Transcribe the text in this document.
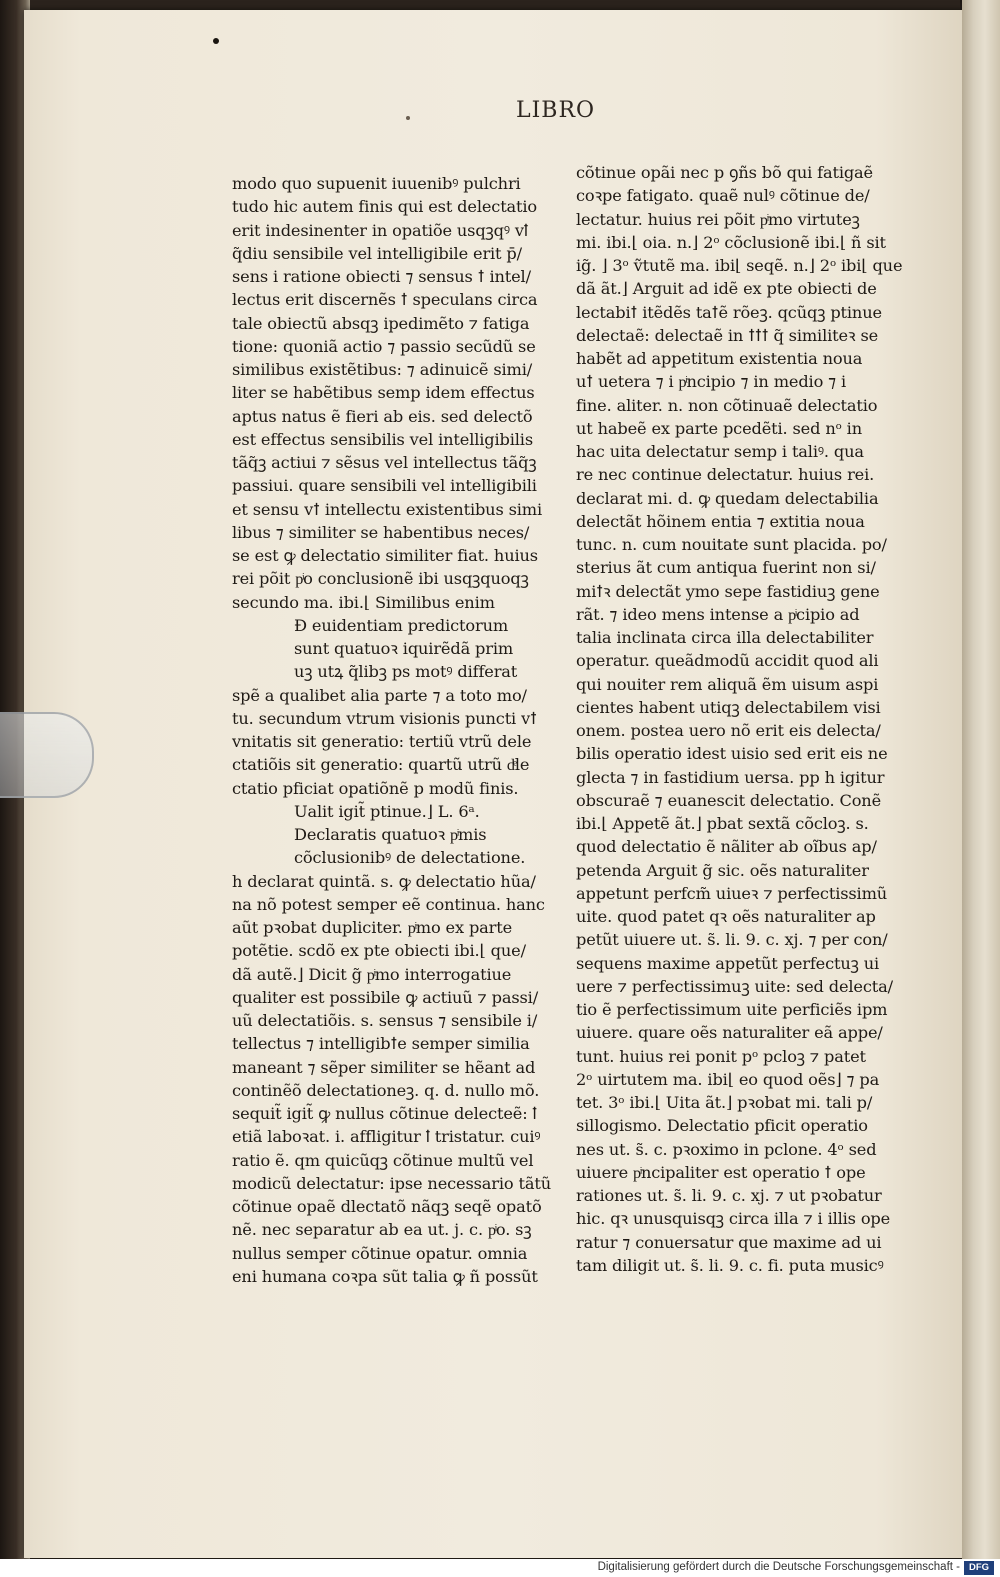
LIBRO
modo quo supuenit iuuenibꝰ pulchri
tudo hic autem finis qui est delectatio
erit indesinenter in opatiõe usqꝫqꝰ vꝉ
q̃diu sensibile vel intelligibile erit p̄/
sens i ratione obiecti ⁊ sensus ꝉ intel/
lectus erit discernẽs ꝉ speculans circa
tale obiectũ absqꝫ ipedimẽto ⁊ fatiga
tione: quoniã actio ⁊ passio secũdũ se
similibus existẽtibus: ⁊ adinuicẽ simi/
liter se habẽtibus semp idem effectus
aptus natus ẽ fieri ab eis. sed delectõ
est effectus sensibilis vel intelligibilis
tãq̃ꝫ actiui ⁊ sẽsus vel intellectus tãq̃ꝫ
passiui. quare sensibili vel intelligibili
et sensu vꝉ intellectu existentibus simi
libus ⁊ similiter se habentibus neces/
se est ꝙ delectatio similiter fiat. huius
rei põit pͥo conclusionẽ ibi usqꝫquoqꝫ
secundo ma. ibi.⌊ Similibus enim
Ð euidentiam predictorum
sunt quatuoꝛ iquirẽdã prim
uꝫ utꝝ q̃libꝫ ps motꝰ differat
spẽ a qualibet alia parte ⁊ a toto mo/
tu. secundum vtrum visionis puncti vꝉ
vnitatis sit generatio: tertiũ vtrũ dele
ctatiõis sit generatio: quartũ utrũ dͤle
ctatio pficiat opatiõnẽ p modũ finis.
Ualit igit̃ ptinue.⌋ L. 6ᵃ.
Declaratis quatuoꝛ pͥmis
cõclusionibꝰ de delectatione.
h declarat quintã. s. ꝙ delectatio hũa/
na nõ potest semper eẽ continua. hanc
aũt pꝛobat dupliciter. pͥmo ex parte
potẽtie. scdõ ex pte obiecti ibi.⌊ que/
dã autẽ.⌋ Dicit g̃ pͥmo interrogatiue
qualiter est possibile ꝙ actiuũ ⁊ passi/
uũ delectatiõis. s. sensus ⁊ sensibile i/
tellectus ⁊ intelligibꝉe semper similia
maneant ⁊ sẽper similiter se hẽant ad
continẽõ delectationeꝫ. q. d. nullo mõ.
sequit̃ igit̃ ꝙ nullus cõtinue delecteẽ: ꝉ
etiã laboꝛat. i. affligitur ꝉ tristatur. cuiꝰ
ratio ẽ. qm quicũqꝫ cõtinue multũ vel
modicũ delectatur: ipse necessario tãtũ
cõtinue opaẽ dlectatõ nãqꝫ seqẽ opatõ
nẽ. nec separatur ab ea ut. j. c. pͥo. sꝫ
nullus semper cõtinue opatur. omnia
eni humana coꝛpa sũt talia ꝙ ñ possũt
cõtinue opãi nec p ꝯñs bõ qui fatigaẽ
coꝛpe fatigato. quaẽ nulꝰ cõtinue de/
lectatur. huius rei põit pͥmo virtuteꝫ
mi. ibi.⌊ oia. n.⌋ 2ᵒ cõclusionẽ ibi.⌊ ñ sit
ig̃. ⌋ 3ᵒ ṽtutẽ ma. ibi⌊ seqẽ. n.⌋ 2ᵒ ibi⌊ que
dã ãt.⌋ Arguit ad idẽ ex pte obiecti de
lectabiꝉ itẽdẽs taꝉẽ rõeꝫ. qcũqꝫ ptinue
delectaẽ: delectaẽ in ꝉꝉꝉ q̃ similiteꝛ se
habẽt ad appetitum existentia noua
uꝉ uetera ⁊ i pͥncipio ⁊ in medio ⁊ i
fine. aliter. n. non cõtinuaẽ delectatio
ut habeẽ ex parte pcedẽti. sed nᵒ in
hac uita delectatur semp i taliꝰ. qua
re nec continue delectatur. huius rei.
declarat mi. d. ꝙ quedam delectabilia
delectãt hõinem entia ⁊ extitia noua
tunc. n. cum nouitate sunt placida. po/
sterius ãt cum antiqua fuerint non si/
miꝉꝛ delectãt ymo sepe fastidiuꝫ gene
rãt. ⁊ ideo mens intense a pͥcipio ad
talia inclinata circa illa delectabiliter
operatur. queãdmodũ accidit quod ali
qui nouiter rem aliquã ẽm uisum aspi
cientes habent utiqꝫ delectabilem visi
onem. postea uero nõ erit eis delecta/
bilis operatio idest uisio sed erit eis ne
glecta ⁊ in fastidium uersa. pp h igitur
obscuraẽ ⁊ euanescit delectatio. Conẽ
ibi.⌊ Appetẽ ãt.⌋ pbat sextã cõcloꝫ. s.
quod delectatio ẽ nãliter ab oĩbus ap/
petenda Arguit g̃ sic. oẽs naturaliter
appetunt perfcm̃ uiueꝛ ⁊ perfectissimũ
uite. quod patet qꝛ oẽs naturaliter ap
petũt uiuere ut. s̃. li. 9. c. xj. ⁊ per con/
sequens maxime appetũt perfectuꝫ ui
uere ⁊ perfectissimuꝫ uite: sed delecta/
tio ẽ perfectissimum uite perficiẽs ipm
uiuere. quare oẽs naturaliter eã appe/
tunt. huius rei ponit pᵒ pcloꝫ ⁊ patet
2ᵒ uirtutem ma. ibi⌊ eo quod oẽs⌋ ⁊ pa
tet. 3ᵒ ibi.⌊ Uita ãt.⌋ pꝛobat mi. tali p/
sillogismo. Delectatio pficit operatio
nes ut. s̃. c. pꝛoximo in pclone. 4ᵒ sed
uiuere pͥncipaliter est operatio ꝉ ope
rationes ut. s̃. li. 9. c. xj. ⁊ ut pꝛobatur
hic. qꝛ unusquisqꝫ circa illa ⁊ i illis ope
ratur ⁊ conuersatur que maxime ad ui
tam diligit ut. s̃. li. 9. c. fi. puta musicꝰ
Digitalisierung gefördert durch die Deutsche Forschungsgemeinschaft - DFG
